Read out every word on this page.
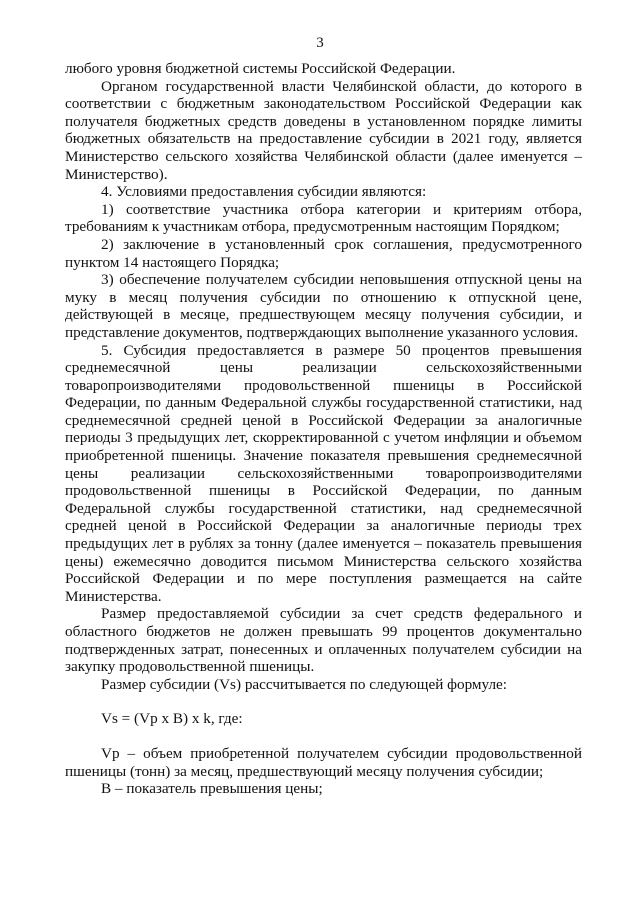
3

любого уровня бюджетной системы Российской Федерации.

Органом государственной власти Челябинской области, до которого в соответствии с бюджетным законодательством Российской Федерации как получателя бюджетных средств доведены в установленном порядке лимиты бюджетных обязательств на предоставление субсидии в 2021 году, является Министерство сельского хозяйства Челябинской области (далее именуется – Министерство).

4. Условиями предоставления субсидии являются:

1) соответствие участника отбора категории и критериям отбора, требованиям к участникам отбора, предусмотренным настоящим Порядком;

2) заключение в установленный срок соглашения, предусмотренного пунктом 14 настоящего Порядка;

3) обеспечение получателем субсидии неповышения отпускной цены на муку в месяц получения субсидии по отношению к отпускной цене, действующей в месяце, предшествующем месяцу получения субсидии, и представление документов, подтверждающих выполнение указанного условия.

5. Субсидия предоставляется в размере 50 процентов превышения среднемесячной цены реализации сельскохозяйственными товаропроизводителями продовольственной пшеницы в Российской Федерации, по данным Федеральной службы государственной статистики, над среднемесячной средней ценой в Российской Федерации за аналогичные периоды 3 предыдущих лет, скорректированной с учетом инфляции и объемом приобретенной пшеницы. Значение показателя превышения среднемесячной цены реализации сельскохозяйственными товаропроизводителями продовольственной пшеницы в Российской Федерации, по данным Федеральной службы государственной статистики, над среднемесячной средней ценой в Российской Федерации за аналогичные периоды трех предыдущих лет в рублях за тонну (далее именуется – показатель превышения цены) ежемесячно доводится письмом Министерства сельского хозяйства Российской Федерации и по мере поступления размещается на сайте Министерства.

Размер предоставляемой субсидии за счет средств федерального и областного бюджетов не должен превышать 99 процентов документально подтвержденных затрат, понесенных и оплаченных получателем субсидии на закупку продовольственной пшеницы.

Размер субсидии (Vs) рассчитывается по следующей формуле:

Vs = (Vp x B) x k, где:

Vp – объем приобретенной получателем субсидии продовольственной пшеницы (тонн) за месяц, предшествующий месяцу получения субсидии;

B – показатель превышения цены;
